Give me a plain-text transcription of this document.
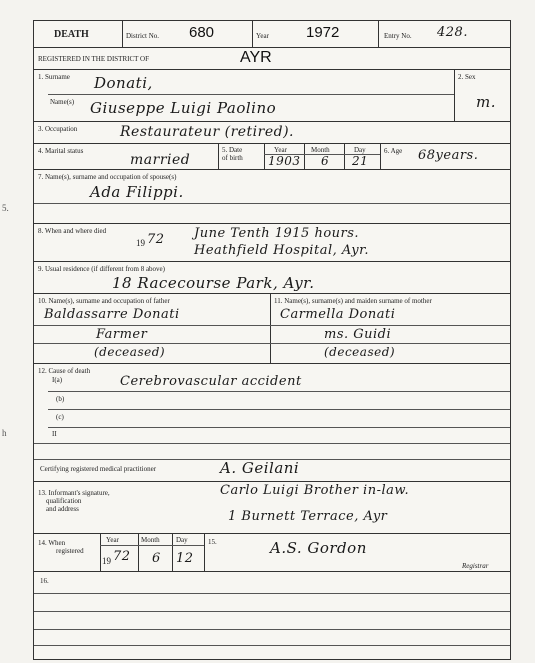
5.
h
DEATH	District No. 680	Year 1972	Entry No. 428.
REGISTERED IN THE DISTRICT OF	AYR
1. Surname Donati,
Name(s) Giuseppe Luigi Paolino
2. Sex
m.
3. Occupation	Restaurateur (retired).
4. Marital status
married
5. Date
of birth
Year
1903
Month
6
Day
21
6. Age 68years.
7. Name(s), surname and occupation of spouse(s)
Ada Filippi.
8. When and where died
19 72 June Tenth 1915 hours.
Heathfield Hospital, Ayr.
9. Usual residence (if different from 8 above)
18 Racecourse Park, Ayr.
10. Name(s), surname and occupation of father
Baldassarre Donati
Farmer
(deceased)
11. Name(s), surname(s) and maiden surname of mother
Carmella Donati
ms. Guidi
(deceased)
12. Cause of death
I(a)	Cerebrovascular accident
(b)
(c)
II
Certifying registered medical practitioner	A. Geilani
13. Informant's signature,
qualification
and address
Carlo Luigi Brother in-law.
1 Burnett Terrace, Ayr
14. When
registered
Year
19 72
Month
6
Day
12
15.	A.S. Gordon
Registrar
16.
